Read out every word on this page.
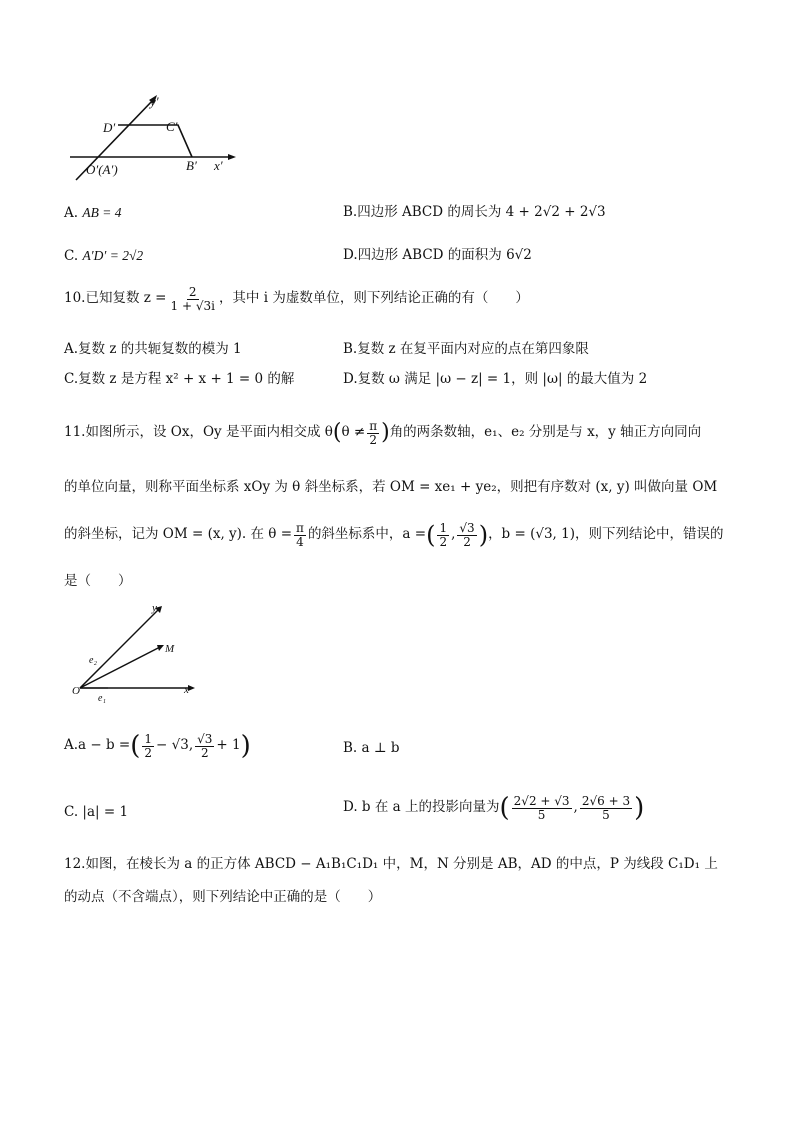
y′
D′	C′
O′(A′)	B′ x′
A. AB = 4	B.四边形 ABCD 的周长为 4 + 2√2 + 2√3
C. A′D′ = 2√2	D.四边形 ABCD 的面积为 6√2
10. 已知复数 $z = \frac{2}{1 + √3i}$ ，其中 i 为虚数单位，则下列结论正确的有（　　）
A.复数 z 的共轭复数的模为 1	B.复数 z 在复平面内对应的点在第四象限
C.复数 z 是方程 x² + x + 1 = 0 的解	D.复数 ω 满足 |ω − z| = 1，则 |ω| 的最大值为 2
11. 如图所示，设 Ox，Oy 是平面内相交成 θ ( $\theta \ne \frac{\pi}{2}$ ) 角的两条数轴，e₁、e₂ 分别是与 x，y 轴正方向同向
的单位向量，则称平面坐标系 xOy 为 θ 斜坐标系，若 OM = xe₁ + ye₂，则把有序数对 (x, y) 叫做向量 OM
的斜坐标，记为 OM = (x, y). 在 $\theta = \frac{\pi}{4}$ 的斜坐标系中，a = ( $\frac{1}{2}$ , $\frac{√3}{2}$ ) ，b = (√3, 1)，则下列结论中，错误的
是（　　）
y
M
e₂
e₁
O	x
A. a − b = ( $\frac{1}{2} - √3$, $\frac{√3}{2} + 1$ )	B. a ⊥ b
C. |a| = 1	D. b 在 a 上的投影向量为 ( $\frac{2√2 + √3}{5}$ , $\frac{2√6 + 3}{5}$ )
12.如图，在棱长为 a 的正方体 ABCD − A₁B₁C₁D₁ 中，M，N 分别是 AB，AD 的中点，P 为线段 C₁D₁ 上
的动点（不含端点），则下列结论中正确的是（　　）
